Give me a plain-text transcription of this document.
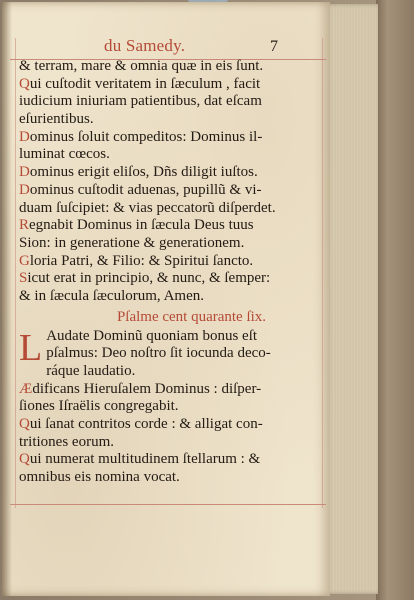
du Samedy.	7
& terram, mare & omnia quæ in eis ſunt.
Qui cuſtodit veritatem in ſæculum , facit
iudicium iniuriam patientibus, dat eſcam
eſurientibus.
Dominus ſoluit compeditos: Dominus il-
luminat cœcos.
Dominus erigit eliſos, Dñs diligit iuſtos.
Dominus cuſtodit aduenas, pupillũ & vi-
duam ſuſcipiet: & vias peccatorũ diſperdet.
Regnabit Dominus in ſæcula Deus tuus
Sion: in generatione & generationem.
Gloria Patri, & Filio: & Spiritui ſancto.
Sicut erat in principio, & nunc, & ſemper:
& in ſæcula ſæculorum, Amen.
Pſalme cent quarante ſix.
L Audate Dominũ quoniam bonus eſt
pſalmus: Deo noſtro ſit iocunda deco-
ráque laudatio.
Ædificans Hieruſalem Dominus : diſper-
ſiones Iſraëlis congregabit.
Qui ſanat contritos corde : & alligat con-
tritiones eorum.
Qui numerat multitudinem ſtellarum : &
omnibus eis nomina vocat.
